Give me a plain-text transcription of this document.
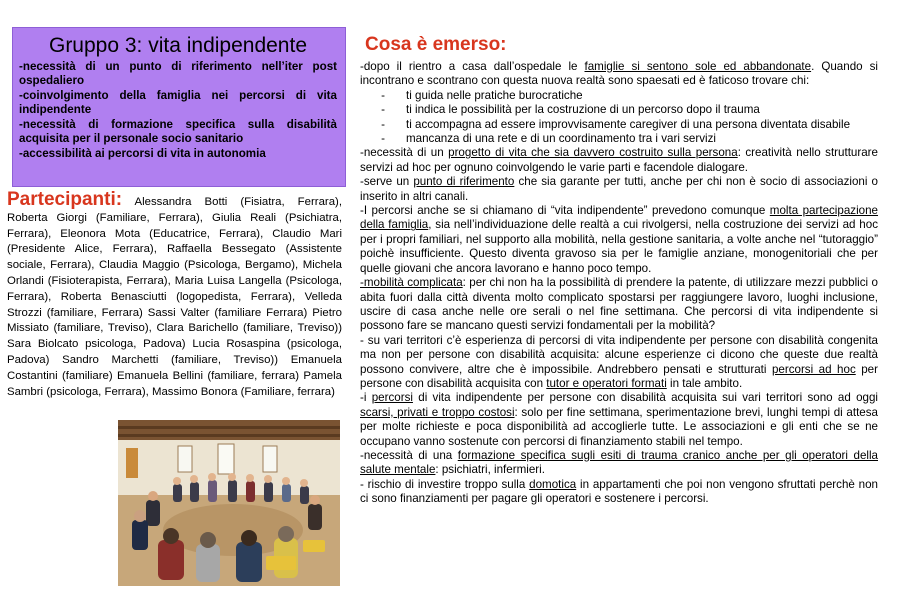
Gruppo 3: vita indipendente
-necessità di un punto di riferimento nell’iter post ospedaliero
-coinvolgimento della famiglia nei percorsi di vita indipendente
-necessità di formazione specifica sulla disabilità acquisita per il personale socio sanitario
-accessibilità ai percorsi di vita in autonomia
Partecipanti: Alessandra Botti (Fisiatra, Ferrara), Roberta Giorgi (Familiare, Ferrara), Giulia Reali (Psichiatra, Ferrara), Eleonora Mota (Educatrice, Ferrara), Claudio Mari (Presidente Alice, Ferrara), Raffaella Bessegato (Assistente sociale, Ferrara), Claudia Maggio (Psicologa, Bergamo), Michela Orlandi (Fisioterapista, Ferrara), Maria Luisa Langella (Psicologa, Ferrara), Roberta Benasciutti (logopedista, Ferrara), Velleda Strozzi (familiare, Ferrara) Sassi Valter (familiare Ferrara) Pietro Missiato (familiare, Treviso), Clara Barichello (familiare, Treviso)) Sara Biolcato psicologa, Padova) Lucia Rosaspina (psicologa, Padova) Sandro Marchetti (familiare, Treviso)) Emanuela Costantini (familiare) Emanuela Bellini (familiare, ferrara) Pamela Sambri (psicologa, Ferrara), Massimo Bonora (Familiare, ferrara)
Cosa è emerso:

-dopo il rientro a casa dall’ospedale le famiglie si sentono sole ed abbandonate. Quando si incontrano e scontrano con questa nuova realtà sono spaesati ed è faticoso trovare chi:

-	ti guida nelle pratiche burocratiche
-	ti indica le possibilità per la costruzione di un percorso dopo il trauma
-	ti accompagna ad essere improvvisamente caregiver di una persona diventata disabile
-	mancanza di una rete e di un coordinamento tra i vari servizi

-necessità di un progetto di vita che sia davvero costruito sulla persona: creatività nello strutturare servizi ad hoc per ognuno coinvolgendo le varie parti e facendole dialogare.

-serve un punto di riferimento che sia garante per tutti, anche per chi non è socio di associazioni o inserito in altri canali.

-I percorsi anche se si chiamano di “vita indipendente” prevedono comunque molta partecipazione della famiglia, sia nell’individuazione delle realtà a cui rivolgersi, nella costruzione dei servizi ad hoc per i propri familiari, nel supporto alla mobilità, nella gestione sanitaria, a volte anche nel “tutoraggio” poichè insufficiente. Questo diventa gravoso sia per le famiglie anziane, monogenitoriali che per quelle giovani che ancora lavorano e hanno poco tempo.

-mobilità complicata: per chi non ha la possibilità di prendere la patente, di utilizzare mezzi pubblici o abita fuori dalla città diventa molto complicato spostarsi per raggiungere lavoro, luoghi inclusione, uscire di casa anche nelle ore serali o nel fine settimana. Che percorsi di vita indipendente si possono fare se mancano questi servizi fondamentali per la mobilità?

- su vari territori c’è esperienza di percorsi di vita indipendente per persone con disabilità congenita ma non per persone con disabilità acquisita: alcune esperienze ci dicono che queste due realtà possono convivere, altre che è impossibile. Andrebbero pensati e strutturati percorsi ad hoc per persone con disabilità acquisita con tutor e operatori formati in tale ambito.

-i percorsi di vita indipendente per persone con disabilità acquisita sui vari territori sono ad oggi scarsi, privati e troppo costosi: solo per fine settimana, sperimentazione brevi, lunghi tempi di attesa per molte richieste e poca disponibilità ad accoglierle tutte. Le associazioni e gli enti che se ne occupano vanno sostenute con percorsi di finanziamento stabili nel tempo.

-necessità di una formazione specifica sugli esiti di trauma cranico anche per gli operatori della salute mentale: psichiatri, infermieri.

- rischio di investire troppo sulla domotica in appartamenti che poi non vengono sfruttati perchè non ci sono finanziamenti per pagare gli operatori e sostenere i percorsi.
